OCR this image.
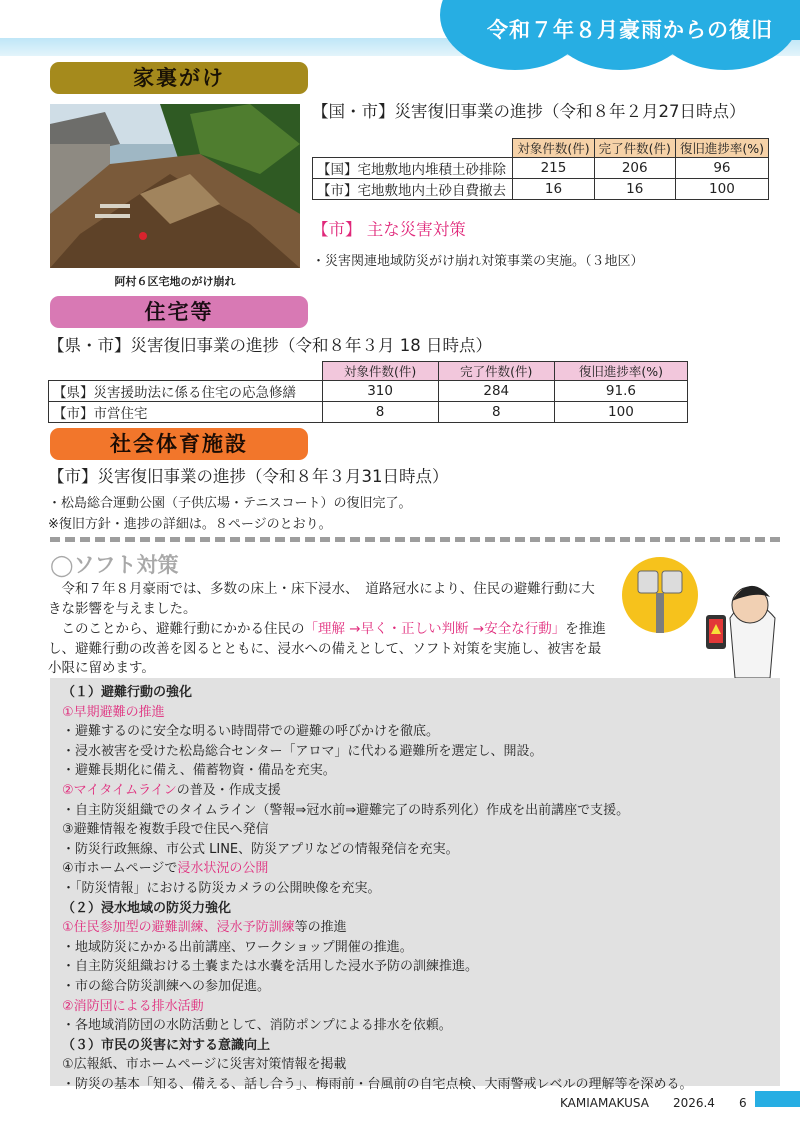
令和７年８月豪雨からの復旧
家裏がけ
阿村６区宅地のがけ崩れ
【国・市】災害復旧事業の進捗（令和８年２月27日時点）
	対象件数(件)	完了件数(件)	復旧進捗率(%)
【国】宅地敷地内堆積土砂排除	215	206	96
【市】宅地敷地内土砂自費撤去	16	16	100
【市】 主な災害対策
・災害関連地域防災がけ崩れ対策事業の実施。（３地区）
住宅等
【県・市】災害復旧事業の進捗（令和８年３月 18 日時点）
	対象件数(件)	完了件数(件)	復旧進捗率(%)
【県】災害援助法に係る住宅の応急修繕	310	284	91.6
【市】市営住宅	8	8	100
社会体育施設
【市】災害復旧事業の進捗（令和８年３月31日時点）
・松島総合運動公園（子供広場・テニスコート）の復旧完了。
※復旧方針・進捗の詳細は。８ページのとおり。
◯ソフト対策
　令和７年８月豪雨では、多数の床上・床下浸水、　道路冠水により、住民の避難行動に大きな影響を与えました。
　このことから、避難行動にかかる住民の「理解 →早く・正しい判断 →安全な行動」を推進し、避難行動の改善を図るとともに、浸水への備えとして、ソフト対策を実施し、被害を最小限に留めます。
（１）避難行動の強化
①早期避難の推進
・避難するのに安全な明るい時間帯での避難の呼びかけを徹底。
・浸水被害を受けた松島総合センター「アロマ」に代わる避難所を選定し、開設。
・避難長期化に備え、備蓄物資・備品を充実。
②マイタイムラインの普及・作成支援
・自主防災組織でのタイムライン（警報⇒冠水前⇒避難完了の時系列化）作成を出前講座で支援。
③避難情報を複数手段で住民へ発信
・防災行政無線、市公式 LINE、防災アプリなどの情報発信を充実。
④市ホームページで浸水状況の公開
・「防災情報」における防災カメラの公開映像を充実。
（２）浸水地域の防災力強化
①住民参加型の避難訓練、浸水予防訓練等の推進
・地域防災にかかる出前講座、ワークショップ開催の推進。
・自主防災組織おける土嚢または水嚢を活用した浸水予防の訓練推進。
・市の総合防災訓練への参加促進。
②消防団による排水活動
・各地域消防団の水防活動として、消防ポンプによる排水を依頼。
（３）市民の災害に対する意識向上
①広報紙、市ホームページに災害対策情報を掲載
・防災の基本「知る、備える、話し合う」、梅雨前・台風前の自宅点検、大雨警戒レベルの理解等を深める。
KAMIAMAKUSA　　 2026.4　　 6
